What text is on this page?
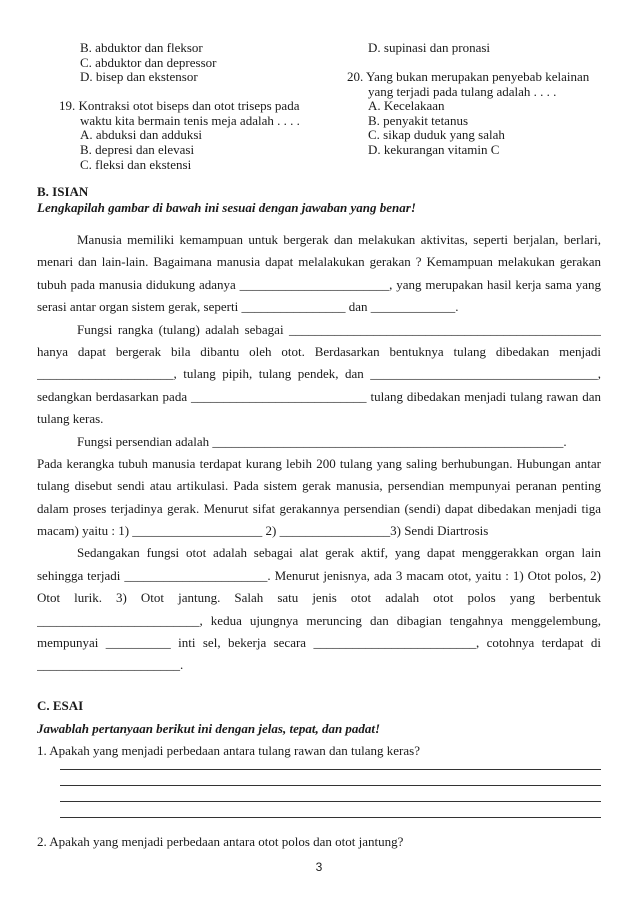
B. abduktor dan fleksor
C. abduktor dan depressor
D. bisep dan ekstensor
19. Kontraksi otot biseps dan otot triseps pada
waktu kita bermain tenis meja adalah . . . .
A. abduksi dan adduksi
B. depresi dan elevasi
C. fleksi dan ekstensi
D. supinasi dan pronasi
20. Yang bukan merupakan penyebab kelainan
yang terjadi pada tulang adalah . . . .
A. Kecelakaan
B. penyakit tetanus
C. sikap duduk yang salah
D. kekurangan vitamin C
B. ISIAN
Lengkapilah gambar di bawah ini sesuai dengan jawaban yang benar!
Manusia memiliki kemampuan untuk bergerak dan melakukan aktivitas, seperti berjalan, berlari,
menari dan lain-lain. Bagaimana manusia dapat melalakukan gerakan ? Kemampuan melakukan gerakan
tubuh pada manusia didukung adanya _______________________, yang merupakan hasil kerja sama yang
serasi antar organ sistem gerak, seperti ________________ dan _____________.
Fungsi rangka (tulang) adalah sebagai ________________________________________________
hanya dapat bergerak bila dibantu oleh otot. Berdasarkan bentuknya tulang dibedakan menjadi
_____________________, tulang pipih, tulang pendek, dan ___________________________________,
sedangkan berdasarkan pada ___________________________ tulang dibedakan menjadi tulang rawan dan
tulang keras.
Fungsi persendian adalah ______________________________________________________.
Pada kerangka tubuh manusia terdapat kurang lebih 200 tulang yang saling berhubungan. Hubungan antar
tulang disebut sendi atau artikulasi. Pada sistem gerak manusia, persendian mempunyai peranan penting
dalam proses terjadinya gerak. Menurut sifat gerakannya persendian (sendi) dapat dibedakan menjadi tiga
macam) yaitu : 1) ____________________ 2) _________________3) Sendi Diartrosis
Sedangakan fungsi otot adalah sebagai alat gerak aktif, yang dapat menggerakkan organ lain
sehingga terjadi ______________________. Menurut jenisnya, ada 3 macam otot, yaitu : 1) Otot polos, 2)
Otot lurik. 3) Otot jantung. Salah satu jenis otot adalah otot polos yang berbentuk
_________________________, kedua ujungnya meruncing dan dibagian tengahnya menggelembung,
mempunyai __________ inti sel, bekerja secara _________________________, cotohnya terdapat di
______________________.
C. ESAI
Jawablah pertanyaan berikut ini dengan jelas, tepat, dan padat!
1. Apakah yang menjadi perbedaan antara tulang rawan dan tulang keras?
2. Apakah yang menjadi perbedaan antara otot polos dan otot jantung?
3
